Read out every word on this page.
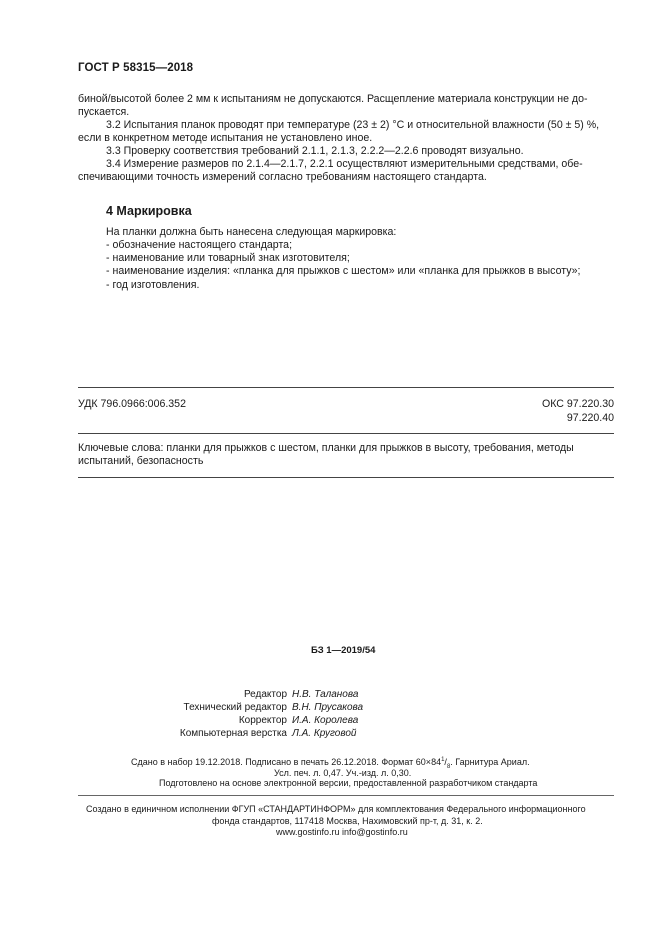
ГОСТ Р 58315—2018
биной/высотой более 2 мм к испытаниям не допускаются. Расщепление материала конструкции не до-
пускается.
3.2 Испытания планок проводят при температуре (23 ± 2) °C и относительной влажности (50 ± 5) %,
если в конкретном методе испытания не установлено иное.
3.3 Проверку соответствия требований 2.1.1, 2.1.3, 2.2.2—2.2.6 проводят визуально.
3.4 Измерение размеров по 2.1.4—2.1.7, 2.2.1 осуществляют измерительными средствами, обе-
спечивающими точность измерений согласно требованиям настоящего стандарта.
4 Маркировка
На планки должна быть нанесена следующая маркировка:
- обозначение настоящего стандарта;
- наименование или товарный знак изготовителя;
- наименование изделия: «планка для прыжков с шестом» или «планка для прыжков в высоту»;
- год изготовления.
УДК 796.0966:006.352	ОКС 97.220.30
97.220.40
Ключевые слова: планки для прыжков с шестом, планки для прыжков в высоту, требования, методы
испытаний, безопасность
БЗ 1—2019/54
Редактор Н.В. Таланова
Технический редактор В.Н. Прусакова
Корректор И.А. Королева
Компьютерная верстка Л.А. Круговой
Сдано в набор 19.12.2018. Подписано в печать 26.12.2018. Формат $60\times 84^1/_8$. Гарнитура Ариал.
Усл. печ. л. 0,47. Уч.-изд. л. 0,30.
Подготовлено на основе электронной версии, предоставленной разработчиком стандарта
Создано в единичном исполнении ФГУП «СТАНДАРТИНФОРМ» для комплектования Федерального информационного
фонда стандартов, 117418 Москва, Нахимовский пр-т, д. 31, к. 2.
www.gostinfo.ru info@gostinfo.ru
